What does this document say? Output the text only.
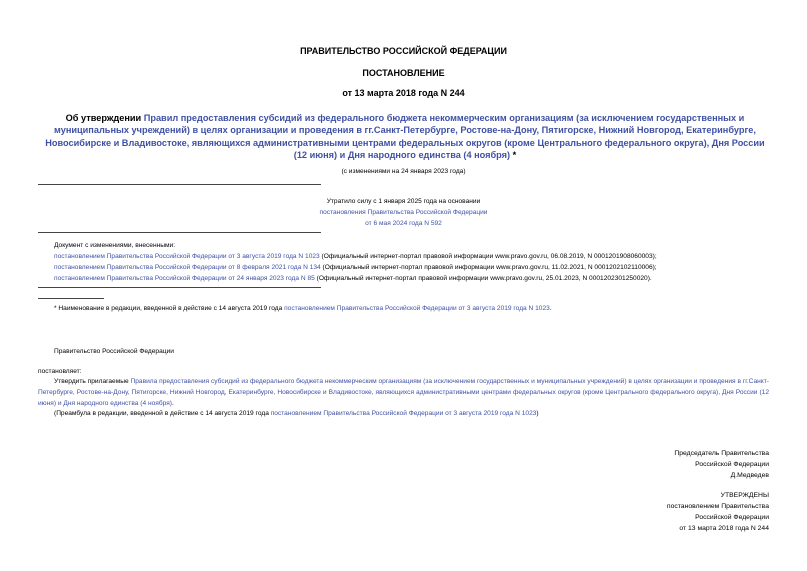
ПРАВИТЕЛЬСТВО РОССИЙСКОЙ ФЕДЕРАЦИИ
ПОСТАНОВЛЕНИЕ
от 13 марта 2018 года N 244
Об утверждении Правил предоставления субсидий из федерального бюджета некоммерческим организациям (за исключением государственных и муниципальных учреждений) в целях организации и проведения в гг.Санкт-Петербурге, Ростове-на-Дону, Пятигорске, Нижний Новгород, Екатеринбурге, Новосибирске и Владивостоке, являющихся административными центрами федеральных округов (кроме Центрального федерального округа), Дня России (12 июня) и Дня народного единства (4 ноября) *
(с изменениями на 24 января 2023 года)
Утратило силу с 1 января 2025 года на основании
постановления Правительства Российской Федерации
от 6 мая 2024 года N 592
Документ с изменениями, внесенными:
постановлением Правительства Российской Федерации от 3 августа 2019 года N 1023 (Официальный интернет-портал правовой информации www.pravo.gov.ru, 06.08.2019, N 0001201908060003);
постановлением Правительства Российской Федерации от 8 февраля 2021 года N 134 (Официальный интернет-портал правовой информации www.pravo.gov.ru, 11.02.2021, N 0001202102110006);
постановлением Правительства Российской Федерации от 24 января 2023 года N 85 (Официальный интернет-портал правовой информации www.pravo.gov.ru, 25.01.2023, N 0001202301250020).
* Наименование в редакции, введенной в действие с 14 августа 2019 года постановлением Правительства Российской Федерации от 3 августа 2019 года N 1023.
Правительство Российской Федерации
постановляет:
Утвердить прилагаемые Правила предоставления субсидий из федерального бюджета некоммерческим организациям (за исключением государственных и муниципальных учреждений) в целях организации и проведения в гг.Санкт-Петербурге, Ростове-на-Дону, Пятигорске, Нижний Новгород, Екатеринбурге, Новосибирске и Владивостоке, являющихся административными центрами федеральных округов (кроме Центрального федерального округа), Дня России (12 июня) и Дня народного единства (4 ноября).
(Преамбула в редакции, введенной в действие с 14 августа 2019 года постановлением Правительства Российской Федерации от 3 августа 2019 года N 1023)
Председатель Правительства
Российской Федерации
Д.Медведев
УТВЕРЖДЕНЫ
постановлением Правительства
Российской Федерации
от 13 марта 2018 года N 244
